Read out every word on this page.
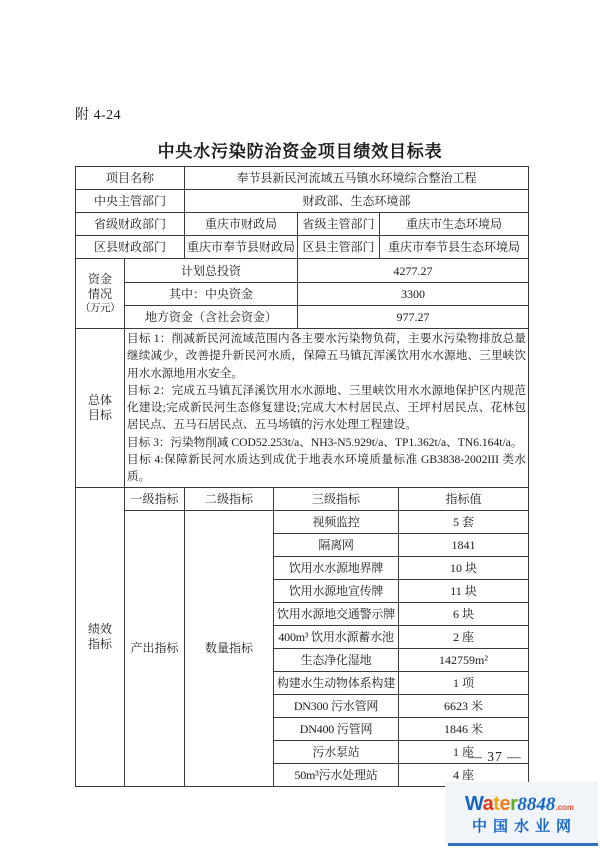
附 4-24
中央水污染防治资金项目绩效目标表
项目名称		奉节县新民河流域五马镇水环境综合整治工程				
中央主管部门		财政部、生态环境部				
省级财政部门		重庆市财政局		省级主管部门	重庆市生态环境局	
区县财政部门		重庆市奉节县财政局		区县主管部门	重庆市奉节县生态环境局	

资金
情况
（万元）	计划总投资			4277.27		
	其中：中央资金			3300		
	地方资金（含社会资金）			977.27		

总体
目标

目标 1：削减新民河流域范围内各主要水污染物负荷，主要水污染物排放总量继续减少，改善提升新民河水质，保障五马镇瓦浑溪饮用水水源地、三里峡饮用水水源地用水安全。
目标 2：完成五马镇瓦泽溪饮用水水源地、三里峡饮用水水源地保护区内规范化建设;完成新民河生态修复建设;完成大木村居民点、王坪村居民点、花林包居民点、五马石居民点、五马场镇的污水处理工程建设。
目标 3：污染物削减 COD52.253t/a、NH3-N5.929t/a、TP1.362t/a、TN6.164t/a。
目标 4:保障新民河水质达到成优于地表水环境质量标准 GB3838-2002III 类水质。

绩效
指标	一级指标	二级指标	三级指标			指标值
	产出指标	数量指标	视频监控			5 套
			隔离网			1841
			饮用水水源地界牌			10 块
			饮用水源地宣传牌			11 块
			饮用水源地交通警示牌			6 块
			400m³ 饮用水源蓄水池			2 座
			生态净化湿地			142759m²
			构建水生动物体系构建			1 项
			DN300 污水管网			6623 米
			DN400 污管网			1846 米
			污水泵站			1 座
			50m³污水处理站			4 座
— 37 —
Water8848.com
中国水业网
